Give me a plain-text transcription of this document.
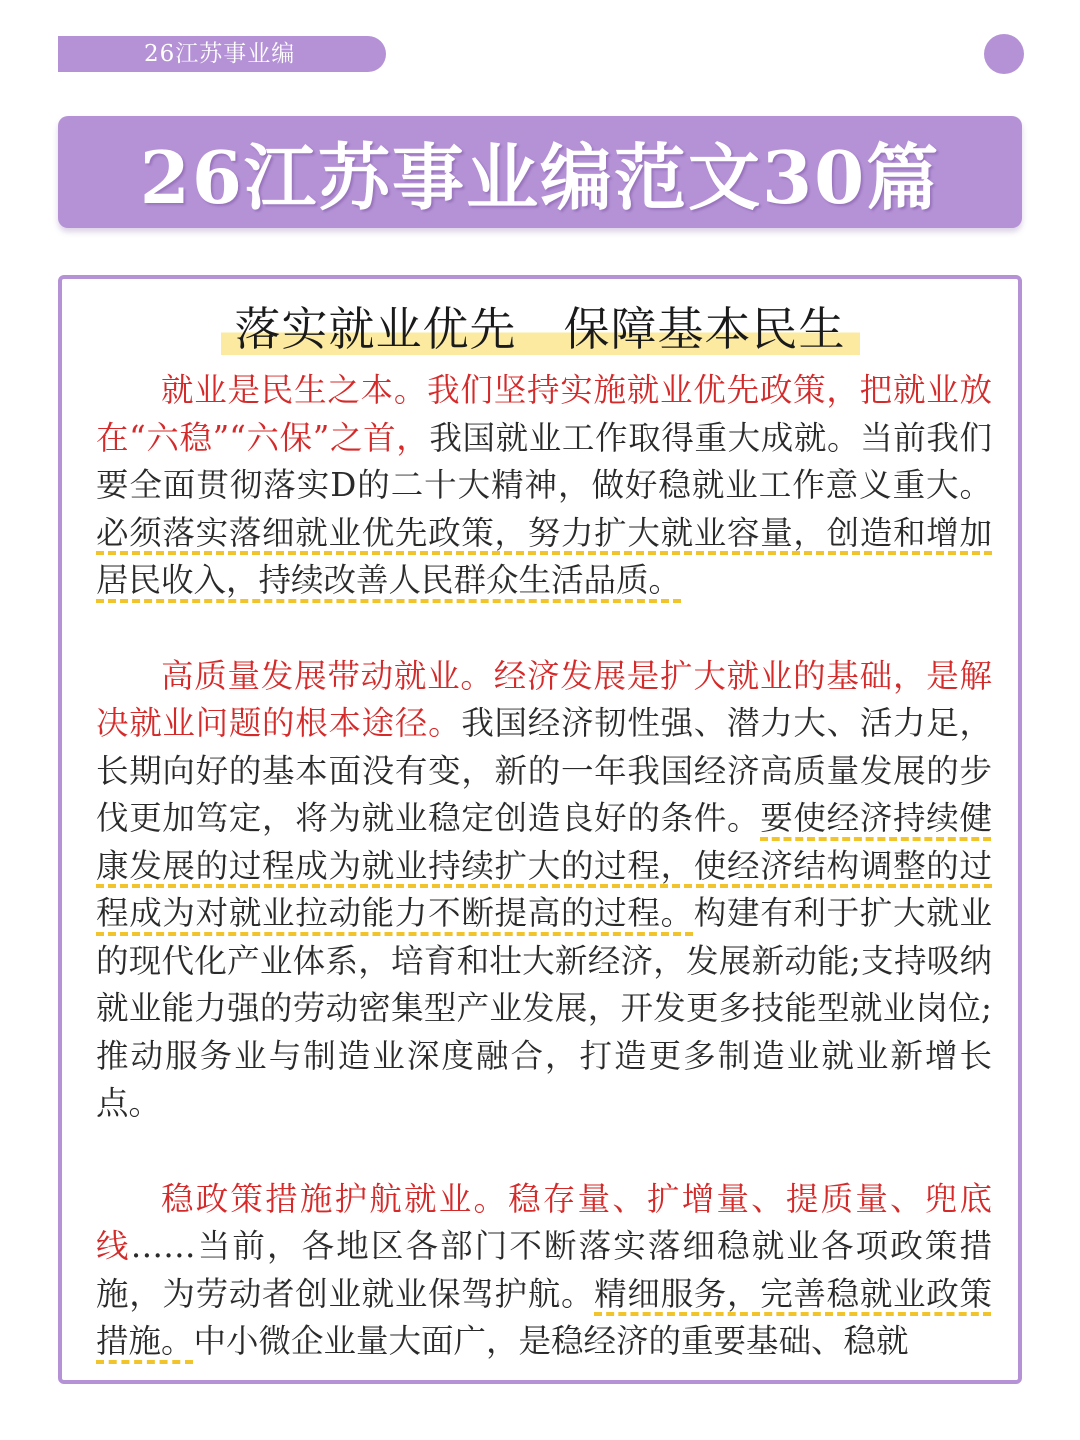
26江苏事业编
26江苏事业编范文30篇
落实就业优先　保障基本民生

就业是民生之本。我们坚持实施就业优先政策，把就业放在“六稳”“六保”之首，我国就业工作取得重大成就。当前我们要全面贯彻落实D的二十大精神，做好稳就业工作意义重大。必须落实落细就业优先政策，努力扩大就业容量，创造和增加居民收入，持续改善人民群众生活品质。

高质量发展带动就业。经济发展是扩大就业的基础，是解决就业问题的根本途径。我国经济韧性强、潜力大、活力足，长期向好的基本面没有变，新的一年我国经济高质量发展的步伐更加笃定，将为就业稳定创造良好的条件。要使经济持续健康发展的过程成为就业持续扩大的过程，使经济结构调整的过程成为对就业拉动能力不断提高的过程。构建有利于扩大就业的现代化产业体系，培育和壮大新经济，发展新动能;支持吸纳就业能力强的劳动密集型产业发展，开发更多技能型就业岗位;推动服务业与制造业深度融合，打造更多制造业就业新增长点。

稳政策措施护航就业。稳存量、扩增量、提质量、兜底线……当前，各地区各部门不断落实落细稳就业各项政策措施，为劳动者创业就业保驾护航。精细服务，完善稳就业政策措施。中小微企业量大面广，是稳经济的重要基础、稳就
